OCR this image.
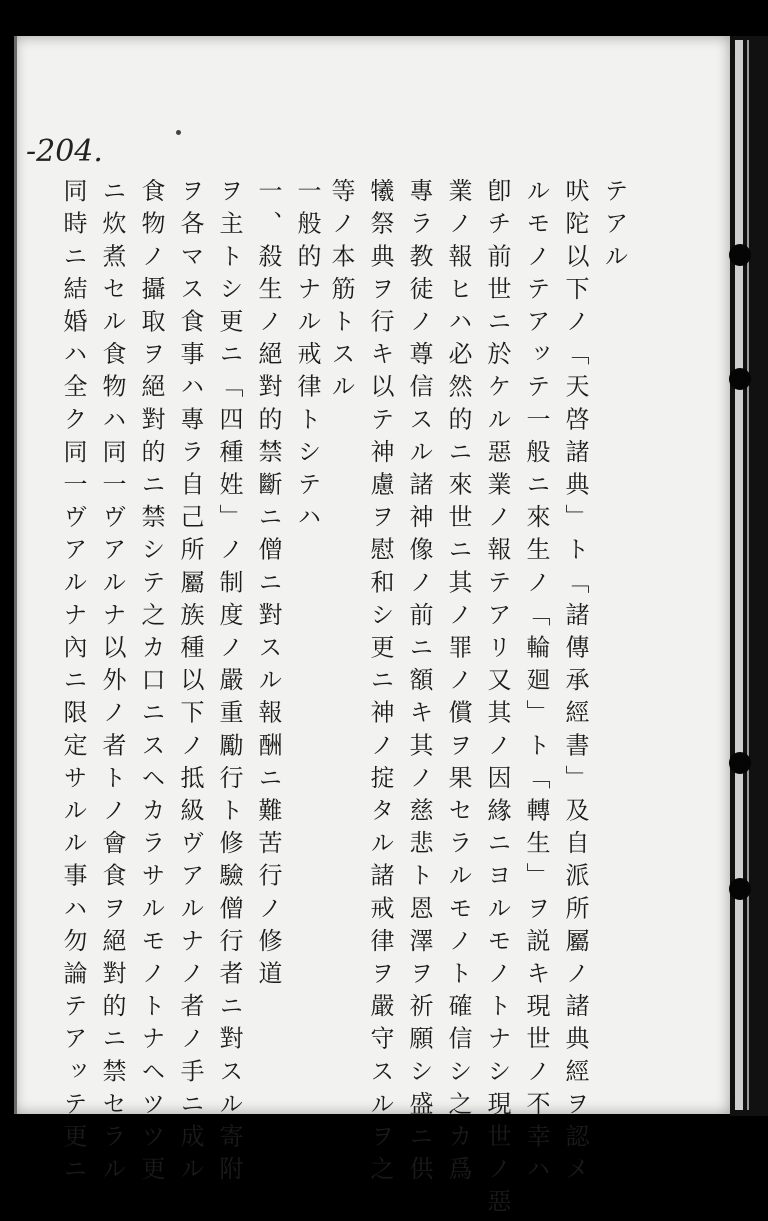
-204 .
テアル
吠陀以下ノ「天啓諸典」ト「諸傳承經書」及自派所屬ノ諸典經ヲ認メ
ルモノテアッテ一般ニ來生ノ「輪廻」ト「轉生」ヲ説キ現世ノ不幸ハ
卽チ前世ニ於ケル惡業ノ報テアリ又其ノ因緣ニヨルモノトナシ現世ノ惡
業ノ報ヒハ必然的ニ來世ニ其ノ罪ノ償ヲ果セラルモノト確信シ之カ爲
專ラ教徒ノ尊信スル諸神像ノ前ニ額キ其ノ慈悲ト恩澤ヲ祈願シ盛ニ供
犧祭典ヲ行キ以テ神慮ヲ慰和シ更ニ神ノ掟タル諸戒律ヲ嚴守スルヲ之
等ノ本筋トスル
一般的ナル戒律トシテハ
一、殺生ノ絕對的禁斷ニ僧ニ對スル報酬ニ難苦行ノ修道
ヲ主トシ更ニ「四種姓」ノ制度ノ嚴重勵行ト修驗僧行者ニ對スル寄附
ヲ各マス食事ハ專ラ自己所屬族種以下ノ抵級ヴアルナノ者ノ手ニ成ル
食物ノ攝取ヲ絕對的ニ禁シテ之カ口ニスヘカラサルモノトナヘツツ更
ニ炊煮セル食物ハ同一ヴアルナ以外ノ者トノ會食ヲ絕對的ニ禁セラル
同時ニ結婚ハ全ク同一ヴアルナ內ニ限定サルル事ハ勿論テアッテ更ニ
